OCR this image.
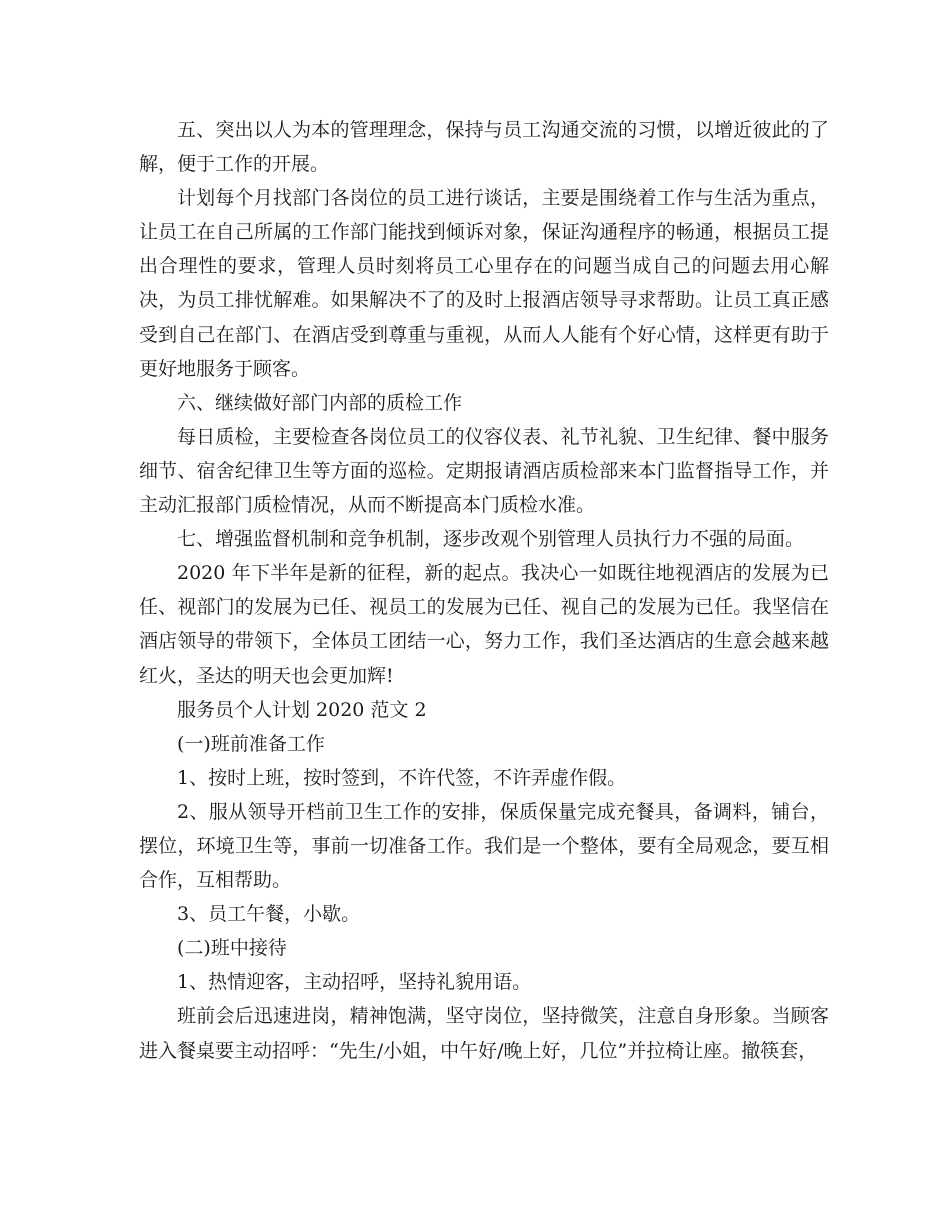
五、突出以人为本的管理理念，保持与员工沟通交流的习惯，以增近彼此的了解，便于工作的开展。

计划每个月找部门各岗位的员工进行谈话，主要是围绕着工作与生活为重点，让员工在自己所属的工作部门能找到倾诉对象，保证沟通程序的畅通，根据员工提出合理性的要求，管理人员时刻将员工心里存在的问题当成自己的问题去用心解决，为员工排忧解难。如果解决不了的及时上报酒店领导寻求帮助。让员工真正感受到自己在部门、在酒店受到尊重与重视，从而人人能有个好心情，这样更有助于更好地服务于顾客。

六、继续做好部门内部的质检工作

每日质检，主要检查各岗位员工的仪容仪表、礼节礼貌、卫生纪律、餐中服务细节、宿舍纪律卫生等方面的巡检。定期报请酒店质检部来本门监督指导工作，并主动汇报部门质检情况，从而不断提高本门质检水准。

七、增强监督机制和竞争机制，逐步改观个别管理人员执行力不强的局面。

2020 年下半年是新的征程，新的起点。我决心一如既往地视酒店的发展为已任、视部门的发展为已任、视员工的发展为已任、视自己的发展为已任。我坚信在酒店领导的带领下，全体员工团结一心，努力工作，我们圣达酒店的生意会越来越红火，圣达的明天也会更加辉!

服务员个人计划 2020 范文 2

(一)班前准备工作

1、按时上班，按时签到，不许代签，不许弄虚作假。

2、服从领导开档前卫生工作的安排，保质保量完成充餐具，备调料，铺台，摆位，环境卫生等，事前一切准备工作。我们是一个整体，要有全局观念，要互相合作，互相帮助。

3、员工午餐，小歇。

(二)班中接待

1、热情迎客，主动招呼，坚持礼貌用语。

班前会后迅速进岗，精神饱满，坚守岗位，坚持微笑，注意自身形象。当顾客进入餐桌要主动招呼：“先生/小姐，中午好/晚上好，几位”并拉椅让座。撤筷套，
